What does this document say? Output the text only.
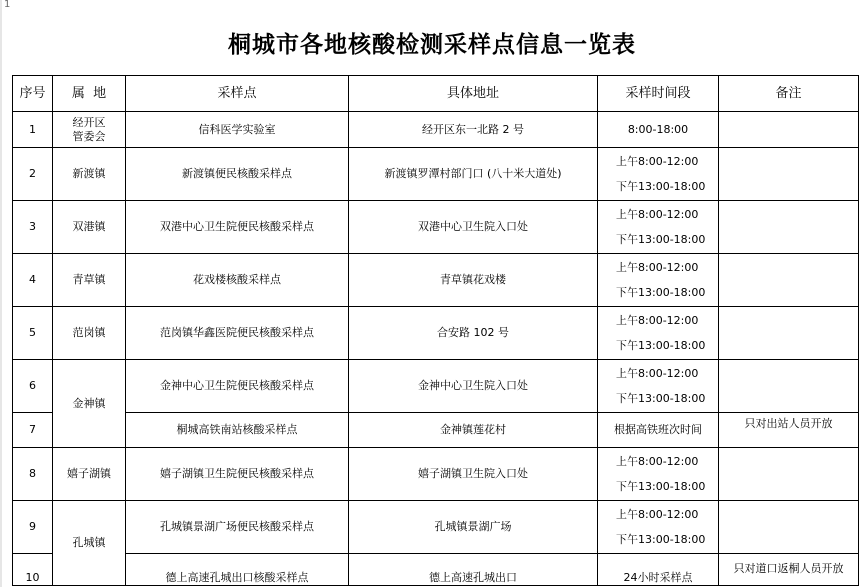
1
桐城市各地核酸检测采样点信息一览表
序号	属  地	采样点	具体地址	采样时间段	备注
1	经开区
管委会	信科医学实验室	经开区东一北路 2 号	8:00-18:00	
2	新渡镇	新渡镇便民核酸采样点	新渡镇罗潭村部门口 (八十米大道处)	上午8:00-12:00
下午13:00-18:00	

3	双港镇	双港中心卫生院便民核酸采样点	双港中心卫生院入口处	上午8:00-12:00
下午13:00-18:00	

4	青草镇	花戏楼核酸采样点	青草镇花戏楼	上午8:00-12:00
下午13:00-18:00	

5	范岗镇	范岗镇华鑫医院便民核酸采样点	合安路 102 号	上午8:00-12:00
下午13:00-18:00	

6	金神镇	金神中心卫生院便民核酸采样点	金神中心卫生院入口处	上午8:00-12:00
下午13:00-18:00	

7		桐城高铁南站核酸采样点	金神镇莲花村	根据高铁班次时间	只对出站人员开放
8	嬉子湖镇	嬉子湖镇卫生院便民核酸采样点	嬉子湖镇卫生院入口处	上午8:00-12:00
下午13:00-18:00	

9	孔城镇	孔城镇景湖广场便民核酸采样点	孔城镇景湖广场	上午8:00-12:00
下午13:00-18:00	

10		德上高速孔城出口核酸采样点	德上高速孔城出口	24小时采样点	只对道口返桐人员开放
